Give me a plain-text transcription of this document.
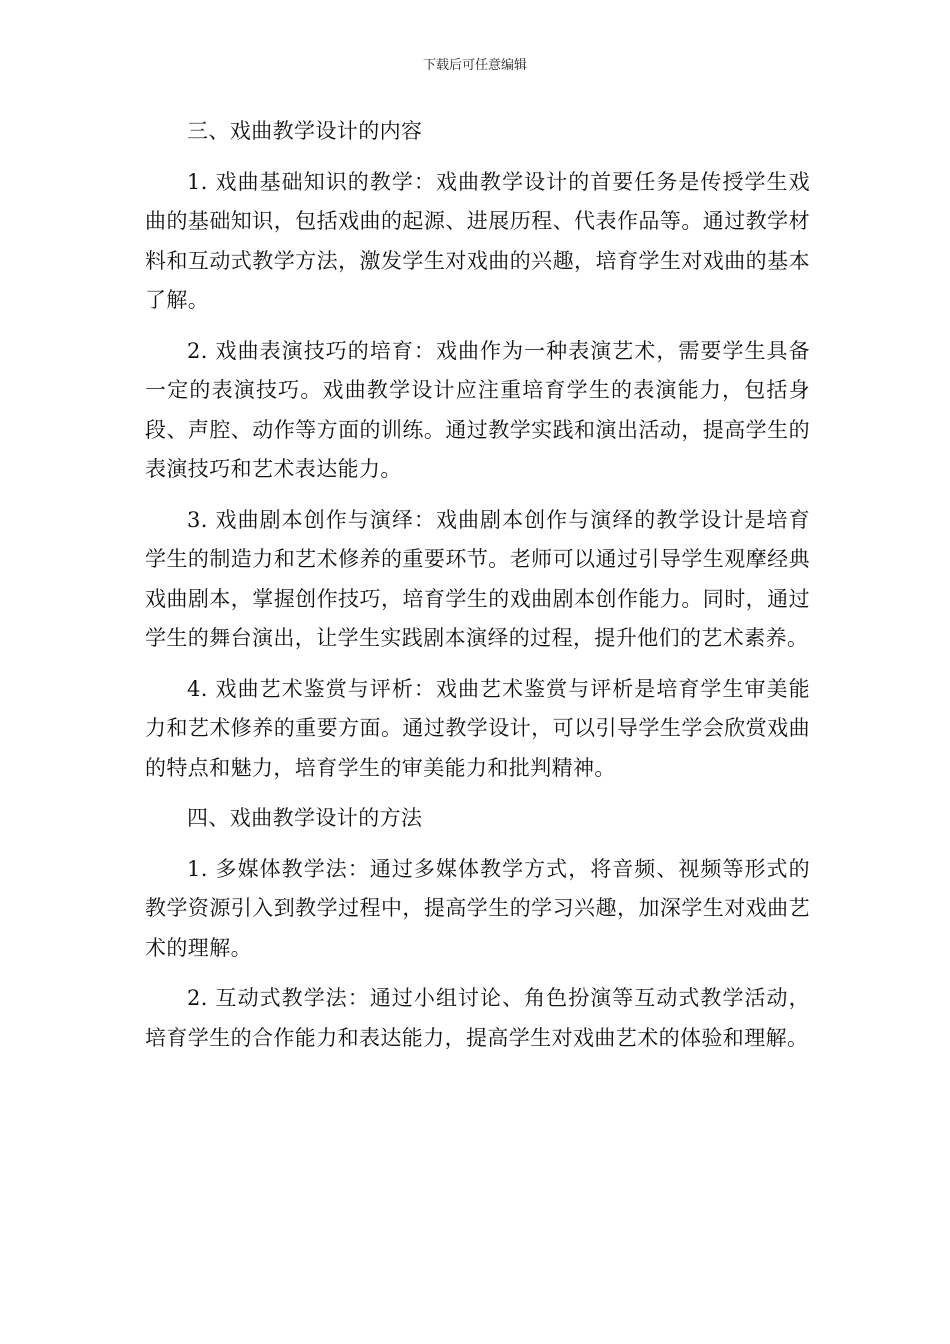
下载后可任意编辑

三、戏曲教学设计的内容

1. 戏曲基础知识的教学：戏曲教学设计的首要任务是传授学生戏曲的基础知识，包括戏曲的起源、进展历程、代表作品等。通过教学材料和互动式教学方法，激发学生对戏曲的兴趣，培育学生对戏曲的基本了解。

2. 戏曲表演技巧的培育：戏曲作为一种表演艺术，需要学生具备一定的表演技巧。戏曲教学设计应注重培育学生的表演能力，包括身段、声腔、动作等方面的训练。通过教学实践和演出活动，提高学生的表演技巧和艺术表达能力。

3. 戏曲剧本创作与演绎：戏曲剧本创作与演绎的教学设计是培育学生的制造力和艺术修养的重要环节。老师可以通过引导学生观摩经典戏曲剧本，掌握创作技巧，培育学生的戏曲剧本创作能力。同时，通过学生的舞台演出，让学生实践剧本演绎的过程，提升他们的艺术素养。

4. 戏曲艺术鉴赏与评析：戏曲艺术鉴赏与评析是培育学生审美能力和艺术修养的重要方面。通过教学设计，可以引导学生学会欣赏戏曲的特点和魅力，培育学生的审美能力和批判精神。

四、戏曲教学设计的方法

1. 多媒体教学法：通过多媒体教学方式，将音频、视频等形式的教学资源引入到教学过程中，提高学生的学习兴趣，加深学生对戏曲艺术的理解。

2. 互动式教学法：通过小组讨论、角色扮演等互动式教学活动，培育学生的合作能力和表达能力，提高学生对戏曲艺术的体验和理解。
